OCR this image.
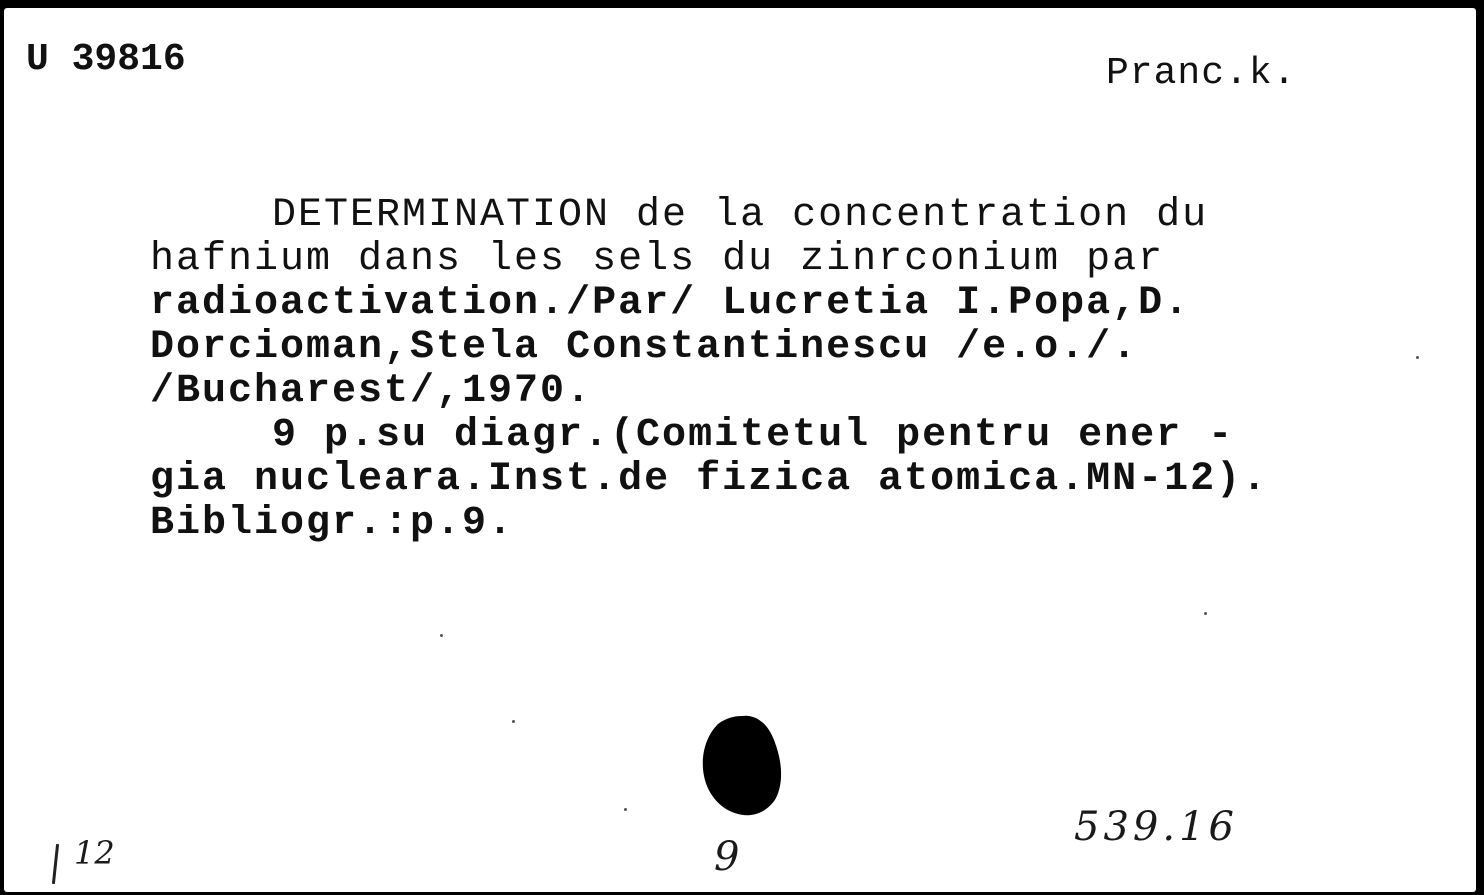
U 39816	Pranc.k.
DETERMINATION de la concentration du
hafnium dans les sels du zinrconium par
radioactivation./Par/ Lucretia I.Popa,D.
Dorcioman,Stela Constantinescu /e.o./.
/Bucharest/,1970.
9 p.su diagr.(Comitetul pentru ener -
gia nucleara.Inst.de fizica atomica.MN-12).
Bibliogr.:p.9.
539.16
9
12
